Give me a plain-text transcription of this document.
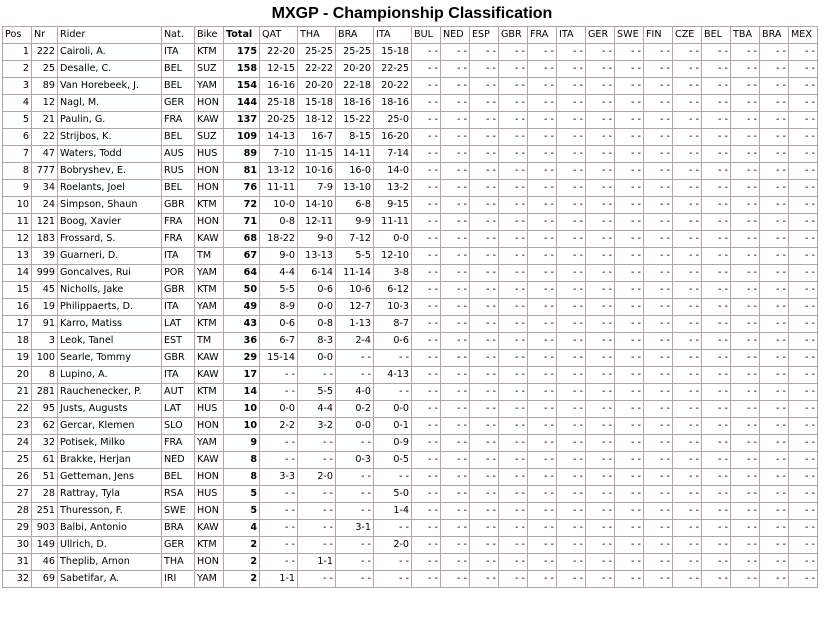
MXGP - Championship Classification
Pos	Nr	Rider	Nat.	Bike	Total	QAT	THA	BRA	ITA	BUL	NED	ESP	GBR	FRA	ITA	GER	SWE	FIN	CZE	BEL	TBA	BRA	MEX
1	222	Cairoli, A.	ITA	KTM	175	22-20	25-25	25-25	15-18	- -	- -	- -	- -	- -	- -	- -	- -	- -	- -	- -	- -	- -	- -
2	25	Desalle, C.	BEL	SUZ	158	12-15	22-22	20-20	22-25	- -	- -	- -	- -	- -	- -	- -	- -	- -	- -	- -	- -	- -	- -
3	89	Van Horebeek, J.	BEL	YAM	154	16-16	20-20	22-18	20-22	- -	- -	- -	- -	- -	- -	- -	- -	- -	- -	- -	- -	- -	- -
4	12	Nagl, M.	GER	HON	144	25-18	15-18	18-16	18-16	- -	- -	- -	- -	- -	- -	- -	- -	- -	- -	- -	- -	- -	- -
5	21	Paulin, G.	FRA	KAW	137	20-25	18-12	15-22	25-0	- -	- -	- -	- -	- -	- -	- -	- -	- -	- -	- -	- -	- -	- -
6	22	Strijbos, K.	BEL	SUZ	109	14-13	16-7	8-15	16-20	- -	- -	- -	- -	- -	- -	- -	- -	- -	- -	- -	- -	- -	- -
7	47	Waters, Todd	AUS	HUS	89	7-10	11-15	14-11	7-14	- -	- -	- -	- -	- -	- -	- -	- -	- -	- -	- -	- -	- -	- -
8	777	Bobryshev, E.	RUS	HON	81	13-12	10-16	16-0	14-0	- -	- -	- -	- -	- -	- -	- -	- -	- -	- -	- -	- -	- -	- -
9	34	Roelants, Joel	BEL	HON	76	11-11	7-9	13-10	13-2	- -	- -	- -	- -	- -	- -	- -	- -	- -	- -	- -	- -	- -	- -
10	24	Simpson, Shaun	GBR	KTM	72	10-0	14-10	6-8	9-15	- -	- -	- -	- -	- -	- -	- -	- -	- -	- -	- -	- -	- -	- -
11	121	Boog, Xavier	FRA	HON	71	0-8	12-11	9-9	11-11	- -	- -	- -	- -	- -	- -	- -	- -	- -	- -	- -	- -	- -	- -
12	183	Frossard, S.	FRA	KAW	68	18-22	9-0	7-12	0-0	- -	- -	- -	- -	- -	- -	- -	- -	- -	- -	- -	- -	- -	- -
13	39	Guarneri, D.	ITA	TM	67	9-0	13-13	5-5	12-10	- -	- -	- -	- -	- -	- -	- -	- -	- -	- -	- -	- -	- -	- -
14	999	Goncalves, Rui	POR	YAM	64	4-4	6-14	11-14	3-8	- -	- -	- -	- -	- -	- -	- -	- -	- -	- -	- -	- -	- -	- -
15	45	Nicholls, Jake	GBR	KTM	50	5-5	0-6	10-6	6-12	- -	- -	- -	- -	- -	- -	- -	- -	- -	- -	- -	- -	- -	- -
16	19	Philippaerts, D.	ITA	YAM	49	8-9	0-0	12-7	10-3	- -	- -	- -	- -	- -	- -	- -	- -	- -	- -	- -	- -	- -	- -
17	91	Karro, Matiss	LAT	KTM	43	0-6	0-8	1-13	8-7	- -	- -	- -	- -	- -	- -	- -	- -	- -	- -	- -	- -	- -	- -
18	3	Leok, Tanel	EST	TM	36	6-7	8-3	2-4	0-6	- -	- -	- -	- -	- -	- -	- -	- -	- -	- -	- -	- -	- -	- -
19	100	Searle, Tommy	GBR	KAW	29	15-14	0-0	- -	- -	- -	- -	- -	- -	- -	- -	- -	- -	- -	- -	- -	- -	- -	- -
20	8	Lupino, A.	ITA	KAW	17	- -	- -	- -	4-13	- -	- -	- -	- -	- -	- -	- -	- -	- -	- -	- -	- -	- -	- -
21	281	Rauchenecker, P.	AUT	KTM	14	- -	5-5	4-0	- -	- -	- -	- -	- -	- -	- -	- -	- -	- -	- -	- -	- -	- -	- -
22	95	Justs, Augusts	LAT	HUS	10	0-0	4-4	0-2	0-0	- -	- -	- -	- -	- -	- -	- -	- -	- -	- -	- -	- -	- -	- -
23	62	Gercar, Klemen	SLO	HON	10	2-2	3-2	0-0	0-1	- -	- -	- -	- -	- -	- -	- -	- -	- -	- -	- -	- -	- -	- -
24	32	Potisek, Milko	FRA	YAM	9	- -	- -	- -	0-9	- -	- -	- -	- -	- -	- -	- -	- -	- -	- -	- -	- -	- -	- -
25	61	Brakke, Herjan	NED	KAW	8	- -	- -	0-3	0-5	- -	- -	- -	- -	- -	- -	- -	- -	- -	- -	- -	- -	- -	- -
26	51	Getteman, Jens	BEL	HON	8	3-3	2-0	- -	- -	- -	- -	- -	- -	- -	- -	- -	- -	- -	- -	- -	- -	- -	- -
27	28	Rattray, Tyla	RSA	HUS	5	- -	- -	- -	5-0	- -	- -	- -	- -	- -	- -	- -	- -	- -	- -	- -	- -	- -	- -
28	251	Thuresson, F.	SWE	HON	5	- -	- -	- -	1-4	- -	- -	- -	- -	- -	- -	- -	- -	- -	- -	- -	- -	- -	- -
29	903	Balbi, Antonio	BRA	KAW	4	- -	- -	3-1	- -	- -	- -	- -	- -	- -	- -	- -	- -	- -	- -	- -	- -	- -	- -
30	149	Ullrich, D.	GER	KTM	2	- -	- -	- -	2-0	- -	- -	- -	- -	- -	- -	- -	- -	- -	- -	- -	- -	- -	- -
31	46	Theplib, Arnon	THA	HON	2	- -	1-1	- -	- -	- -	- -	- -	- -	- -	- -	- -	- -	- -	- -	- -	- -	- -	- -
32	69	Sabetifar, A.	IRI	YAM	2	1-1	- -	- -	- -	- -	- -	- -	- -	- -	- -	- -	- -	- -	- -	- -	- -	- -	- -
